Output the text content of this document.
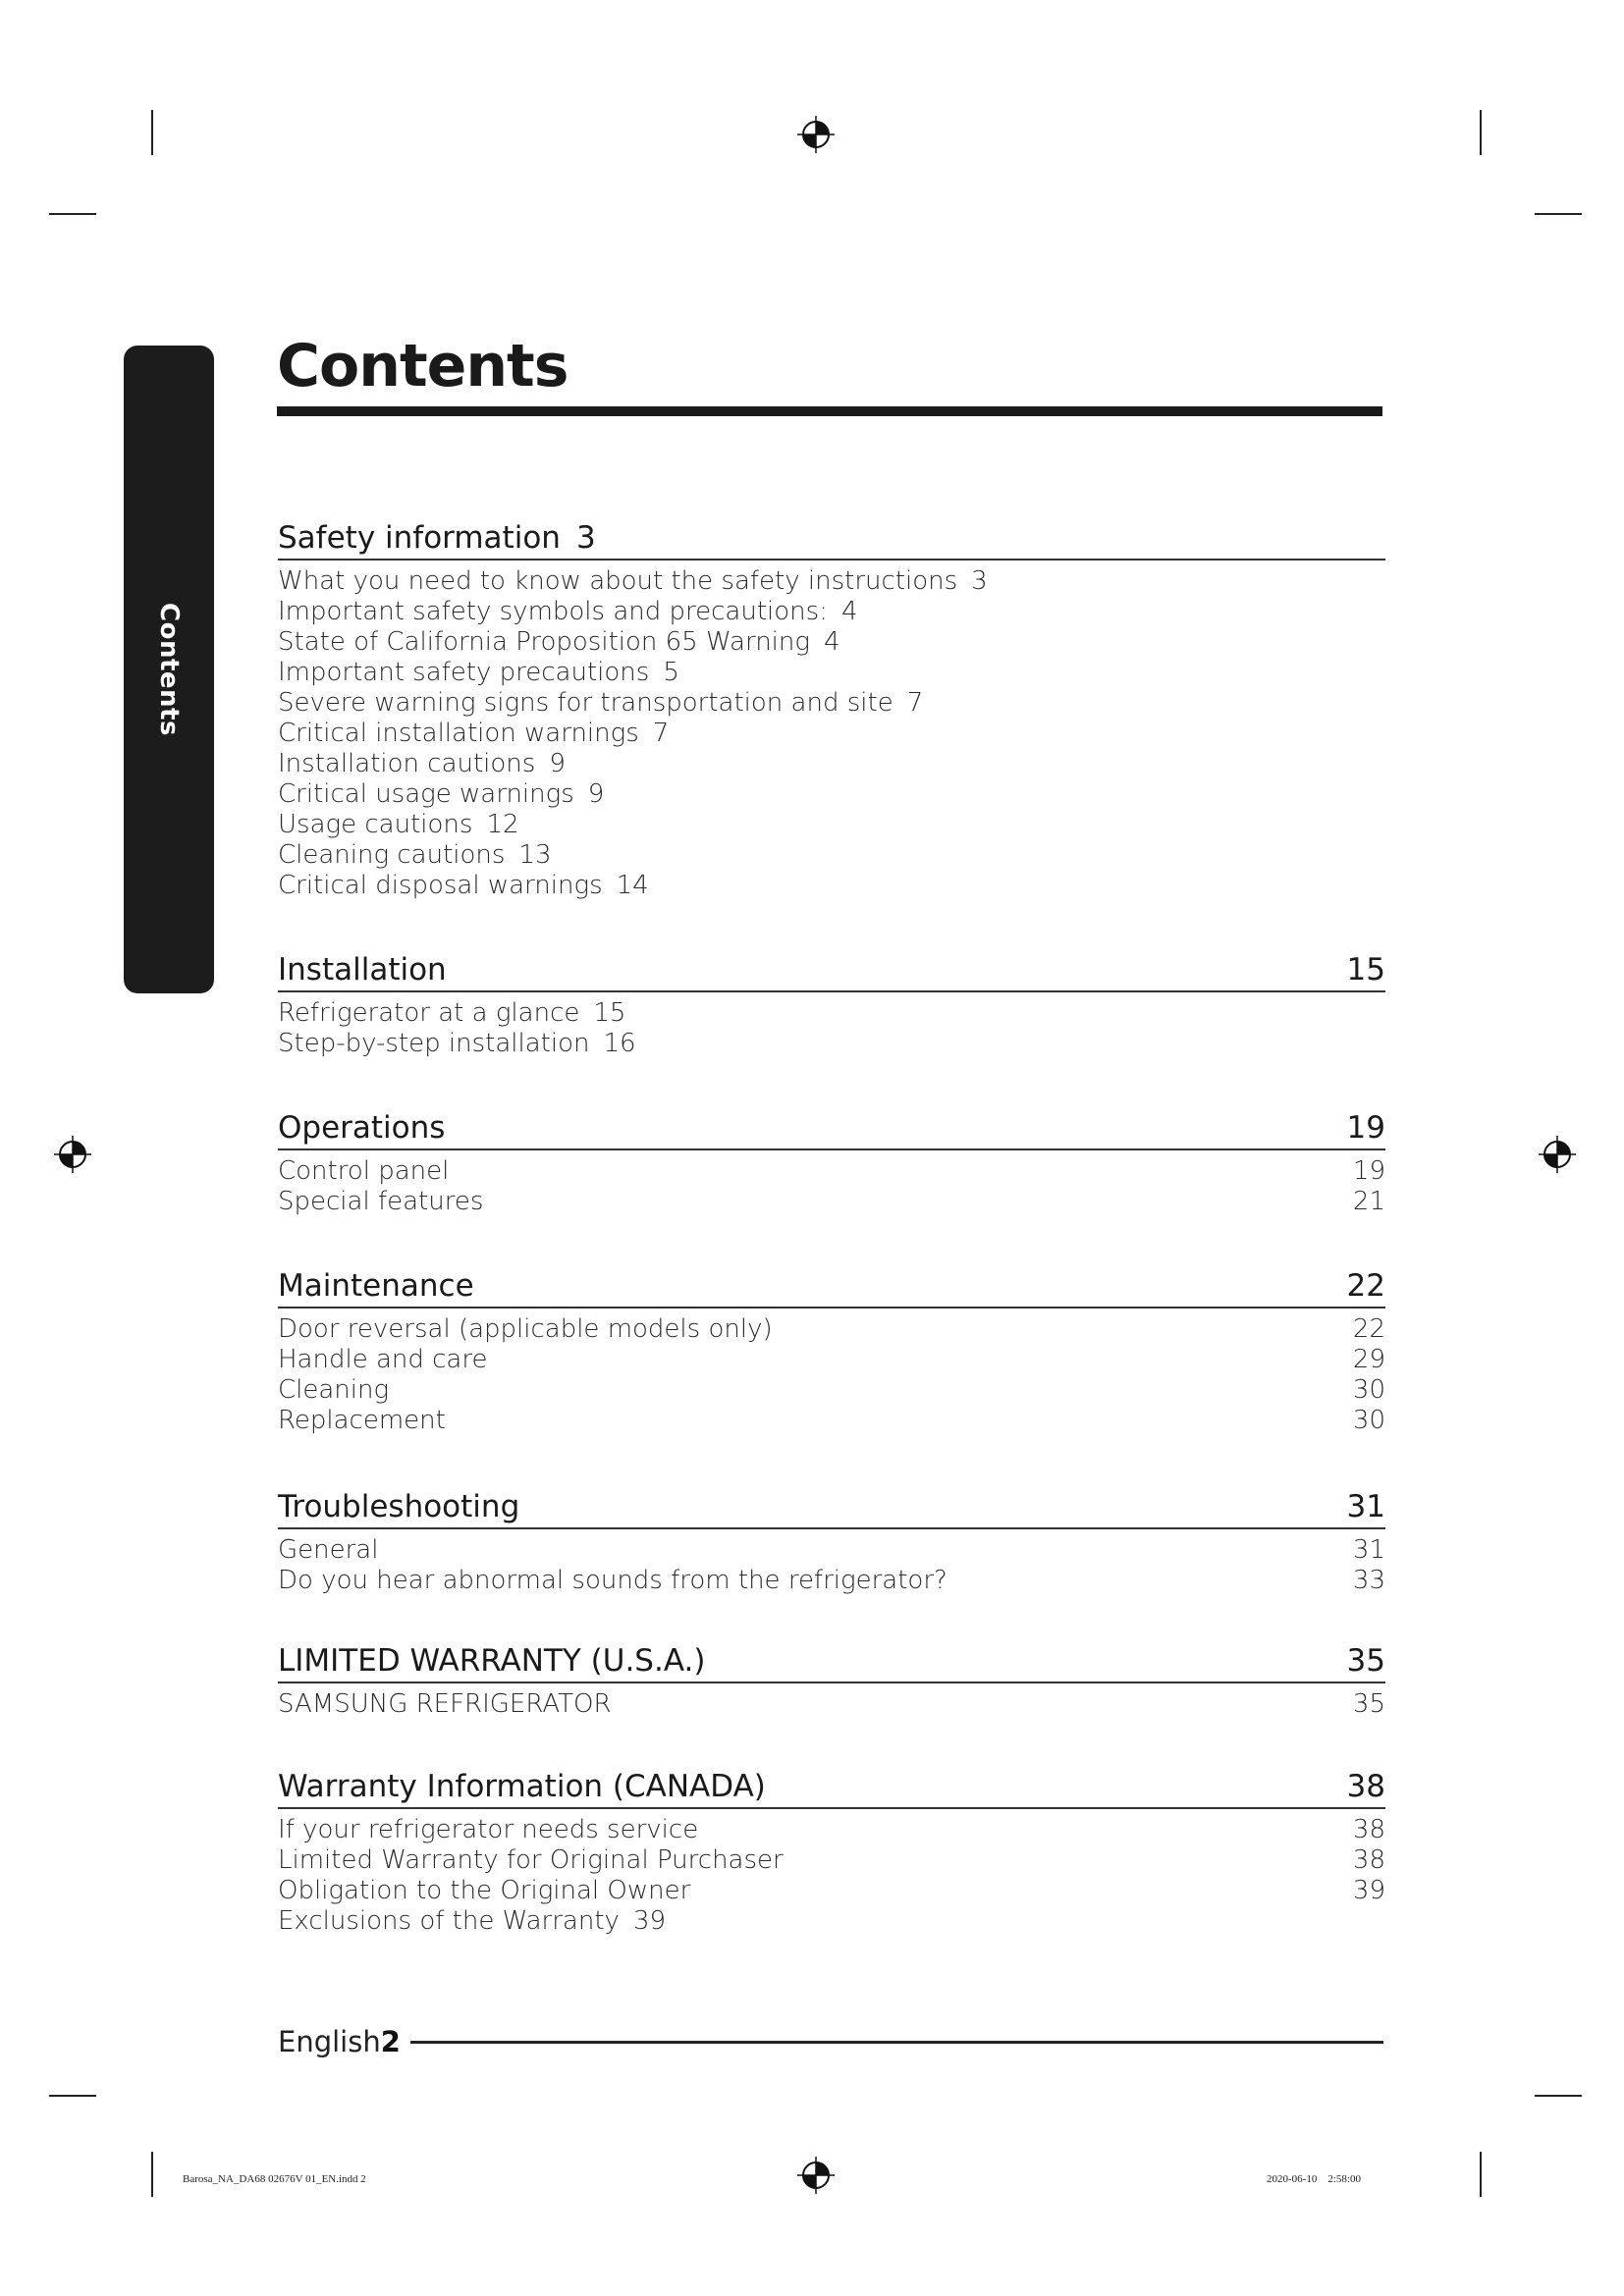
Contents
Contents
Safety information 3
What you need to know about the safety instructions 3
Important safety symbols and precautions: 4
State of California Proposition 65 Warning 4
Important safety precautions 5
Severe warning signs for transportation and site 7
Critical installation warnings 7
Installation cautions 9
Critical usage warnings 9
Usage cautions 12
Cleaning cautions 13
Critical disposal warnings 14
Installation	15
Refrigerator at a glance 15
Step-by-step installation 16
Operations	19
Control panel	19
Special features	21
Maintenance	22
Door reversal (applicable models only)	22
Handle and care	29
Cleaning	30
Replacement	30
Troubleshooting	31
General	31
Do you hear abnormal sounds from the refrigerator?	33
LIMITED WARRANTY (U.S.A.)	35
SAMSUNG REFRIGERATOR	35
Warranty Information (CANADA)	38
If your refrigerator needs service	38
Limited Warranty for Original Purchaser	38
Obligation to the Original Owner	39
Exclusions of the Warranty 39
English 2
Barosa_NA_DA68 02676V 01_EN.indd 2	2020-06-10    2:58:00
